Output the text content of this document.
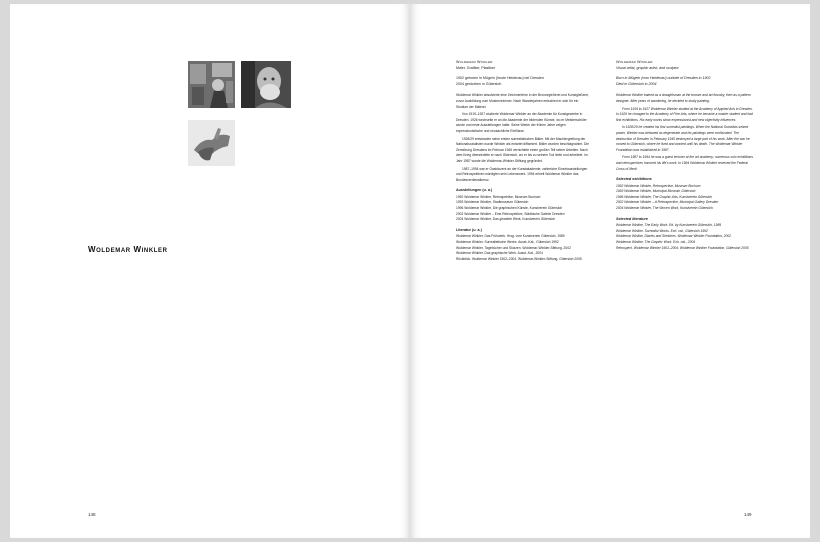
Woldemar Winkler
148
Woldemar Winkler
Maler, Grafiker, Plastiker
1902 geboren in Mügeln (heute Heidenau) bei Dresden
2004 gestorben in Gütersloh

Woldemar Winkler absolvierte eine Zeichnerlehre in der Bronzegießerei und Kunstgießerei, zuvor Ausbildung zum Musterzeichner. Nach Wanderjahren entschied er sich für ein Studium der Malerei.

Von 1919–1927 studierte Woldemar Winkler an der Akademie für Kunstgewerbe in Dresden. 1926 wechselte er an die Akademie der bildenden Künste, wo er Meisterschüler wurde und erste Ausstellungen hatte. Seine Werke der frühen Jahre zeigen expressionistische und neusachliche Einflüsse.

1928/29 entstanden seine ersten surrealistischen Bilder. Mit der Machtergreifung der Nationalsozialisten wurde Winkler als entartet diffamiert, Bilder wurden beschlagnahmt. Die Zerstörung Dresdens im Februar 1945 vernichtete einen großen Teil seiner Arbeiten. Nach dem Krieg übersiedelte er nach Gütersloh, wo er bis zu seinem Tod lebte und arbeitete. Im Jahr 1987 wurde die Woldemar-Winkler-Stiftung gegründet.

1987–1994 war er Gastdozent an der Kunstakademie; zahlreiche Einzelausstellungen und Retrospektiven würdigten sein Lebenswerk. 1994 erhielt Woldemar Winkler das Bundesverdienstkreuz.

Ausstellungen (u. a.)

1992 Woldemar Winkler, Retrospektive, Museum Bochum

1993 Woldemar Winkler, Stadtmuseum Gütersloh

1996 Woldemar Winkler, Die graphischen Künste, Kunstverein Gütersloh

2002 Woldemar Winkler – Eine Retrospektive, Städtische Galerie Dresden

2004 Woldemar Winkler, Das gewebte Werk, Kunstverein Gütersloh

Literatur (u. a.)

Woldemar Winkler, Das Frühwerk. Hrsg. vom Kunstverein Gütersloh, 1989

Woldemar Winkler. Surrealistische Werke. Ausst.-Kat., Gütersloh 1992

Woldemar Winkler, Tagebücher und Skizzen. Woldemar-Winkler-Stiftung, 2002

Woldemar Winkler, Das graphische Werk. Ausst.-Kat., 2004

Rückblick. Woldemar Winkler 1902–2004. Woldemar-Winkler-Stiftung, Gütersloh 2005

Woldemar Winkler
Visual artist, graphic artist, and sculptor
Born in Mügeln (now Heidenau) outside of Dresden in 1902
Died in Gütersloh in 2004

Woldemar Winkler trained as a draughtsman at the bronze and art foundry, then as a pattern designer. After years of wandering, he decided to study painting.

From 1919 to 1927 Woldemar Winkler studied at the Academy of Applied Arts in Dresden. In 1926 he changed to the Academy of Fine Arts, where he became a master student and had first exhibitions. His early works show expressionist and new objectivity influences.

In 1928/29 he created his first surrealist paintings. When the National Socialists seized power, Winkler was defamed as degenerate and his paintings were confiscated. The destruction of Dresden in February 1945 destroyed a large part of his work. After the war he moved to Gütersloh, where he lived and worked until his death. The Woldemar Winkler Foundation was established in 1987.

From 1987 to 1994 he was a guest lecturer at the art academy; numerous solo exhibitions and retrospectives honored his life's work. In 1994 Woldemar Winkler received the Federal Cross of Merit.

Selected exhibitions

1992 Woldemar Winkler, Retrospective, Museum Bochum

1993 Woldemar Winkler, Municipal Museum Gütersloh

1996 Woldemar Winkler, The Graphic Arts, Kunstverein Gütersloh

2002 Woldemar Winkler – A Retrospective, Municipal Gallery Dresden

2004 Woldemar Winkler, The Woven Work, Kunstverein Gütersloh

Selected literature

Woldemar Winkler, The Early Work. Ed. by Kunstverein Gütersloh, 1989

Woldemar Winkler. Surrealist Works. Exh. cat., Gütersloh 1992

Woldemar Winkler, Diaries and Sketches. Woldemar Winkler Foundation, 2002

Woldemar Winkler, The Graphic Work. Exh. cat., 2004

Retrospect. Woldemar Winkler 1902–2004. Woldemar Winkler Foundation, Gütersloh 2005

149
